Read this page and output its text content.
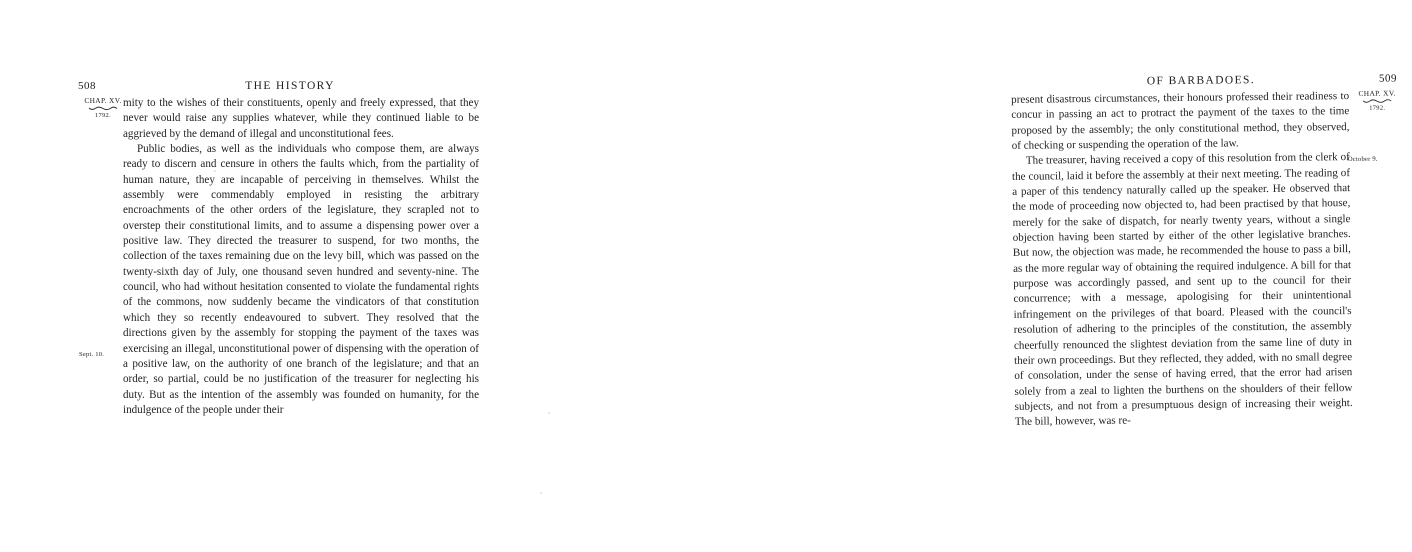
508	THE HISTORY
CHAP. XV.
1792.
Sept. 10.

mity to the wishes of their constituents, openly and freely expressed, that they never would raise any supplies whatever, while they continued liable to be aggrieved by the demand of illegal and unconstitutional fees.

Public bodies, as well as the individuals who compose them, are always ready to discern and censure in others the faults which, from the partiality of human nature, they are incapable of perceiving in themselves. Whilst the assembly were commendably employed in resisting the arbitrary encroachments of the other orders of the legislature, they scrapled not to overstep their constitutional limits, and to assume a dispensing power over a positive law. They directed the treasurer to suspend, for two months, the collection of the taxes remaining due on the levy bill, which was passed on the twenty-sixth day of July, one thousand seven hundred and seventy-nine. The council, who had without hesitation consented to violate the fundamental rights of the commons, now suddenly became the vindicators of that constitution which they so recently endeavoured to subvert. They resolved that the directions given by the assembly for stopping the payment of the taxes was exercising an illegal, unconstitutional power of dispensing with the operation of a positive law, on the authority of one branch of the legislature; and that an order, so partial, could be no justification of the treasurer for neglecting his duty. But as the intention of the assembly was founded on humanity, for the indulgence of the people under their

509
OF BARBADOES.
CHAP. XV.
1792.
October 9.

present disastrous circumstances, their honours professed their readiness to concur in passing an act to protract the payment of the taxes to the time proposed by the assembly; the only constitutional method, they observed, of checking or suspending the operation of the law.

The treasurer, having received a copy of this resolution from the clerk of the council, laid it before the assembly at their next meeting. The reading of a paper of this tendency naturally called up the speaker. He observed that the mode of proceeding now objected to, had been practised by that house, merely for the sake of dispatch, for nearly twenty years, without a single objection having been started by either of the other legislative branches. But now, the objection was made, he recommended the house to pass a bill, as the more regular way of obtaining the required indulgence. A bill for that purpose was accordingly passed, and sent up to the council for their concurrence; with a message, apologising for their unintentional infringement on the privileges of that board. Pleased with the council's resolution of adhering to the principles of the constitution, the assembly cheerfully renounced the slightest deviation from the same line of duty in their own proceedings. But they reflected, they added, with no small degree of consolation, under the sense of having erred, that the error had arisen solely from a zeal to lighten the burthens on the shoulders of their fellow subjects, and not from a presumptuous design of increasing their weight. The bill, however, was re-
